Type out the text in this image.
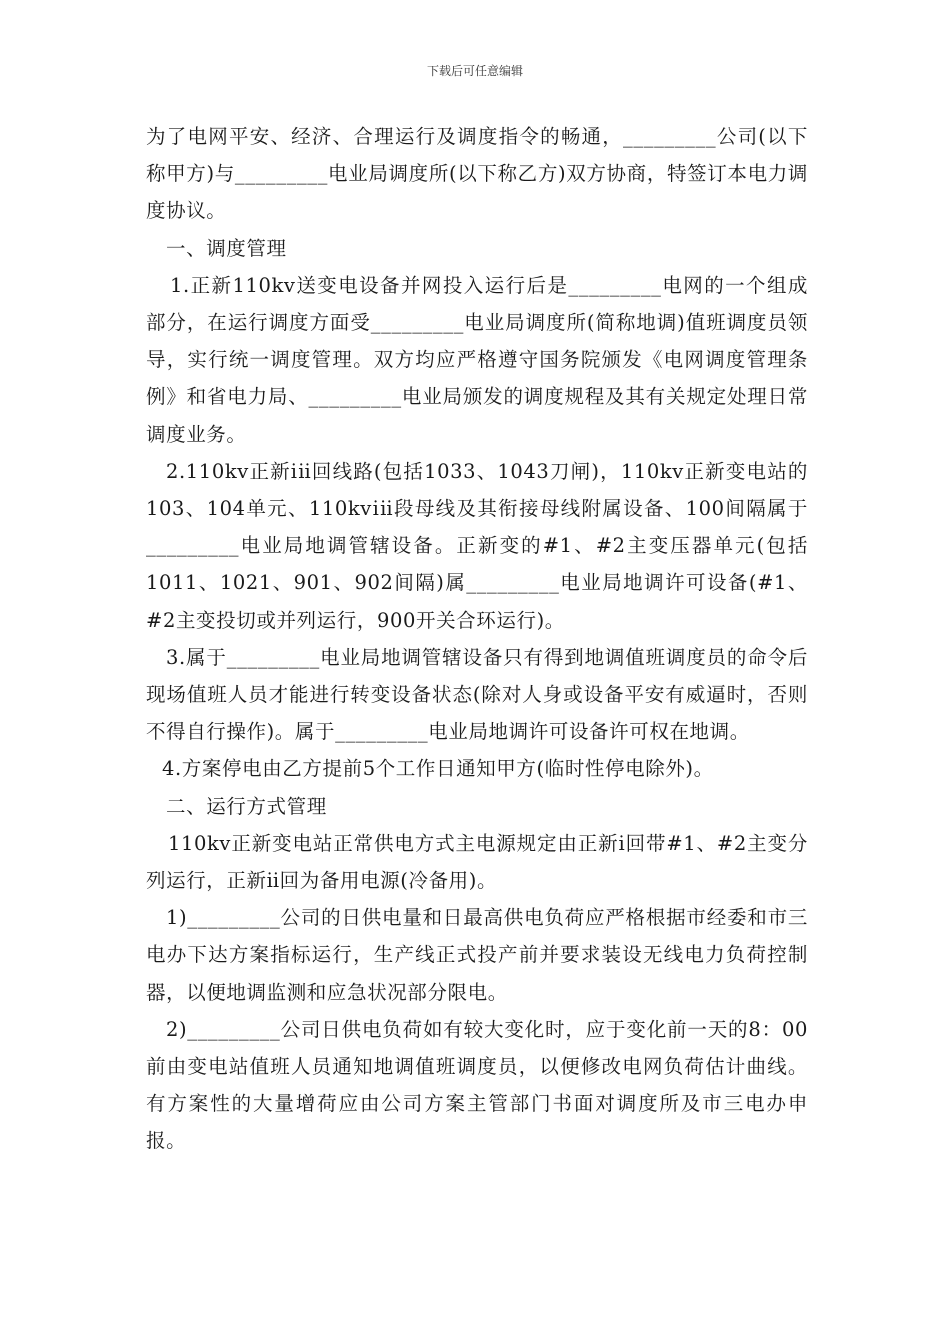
下载后可任意编辑

为了电网平安、经济、合理运行及调度指令的畅通，_________公司(以下称甲方)与_________电业局调度所(以下称乙方)双方协商，特签订本电力调度协议。

一、调度管理

1.正新110kv送变电设备并网投入运行后是_________电网的一个组成部分，在运行调度方面受_________电业局调度所(简称地调)值班调度员领导，实行统一调度管理。双方均应严格遵守国务院颁发《电网调度管理条例》和省电力局、_________电业局颁发的调度规程及其有关规定处理日常调度业务。

2.110kv正新ⅰⅱ回线路(包括1033、1043刀闸)，110kv正新变电站的103、104单元、110kvⅰⅱ段母线及其衔接母线附属设备、100间隔属于_________电业局地调管辖设备。正新变的#1、#2主变压器单元(包括1011、1021、901、902间隔)属_________电业局地调许可设备(#1、#2主变投切或并列运行，900开关合环运行)。

3.属于_________电业局地调管辖设备只有得到地调值班调度员的命令后现场值班人员才能进行转变设备状态(除对人身或设备平安有威逼时，否则不得自行操作)。属于_________电业局地调许可设备许可权在地调。

4.方案停电由乙方提前5个工作日通知甲方(临时性停电除外)。

二、运行方式管理

110kv正新变电站正常供电方式主电源规定由正新ⅰ回带#1、#2主变分列运行，正新ⅱ回为备用电源(冷备用)。

1)_________公司的日供电量和日最高供电负荷应严格根据市经委和市三电办下达方案指标运行，生产线正式投产前并要求装设无线电力负荷控制器，以便地调监测和应急状况部分限电。

2)_________公司日供电负荷如有较大变化时，应于变化前一天的8：00前由变电站值班人员通知地调值班调度员，以便修改电网负荷估计曲线。有方案性的大量增荷应由公司方案主管部门书面对调度所及市三电办申报。
